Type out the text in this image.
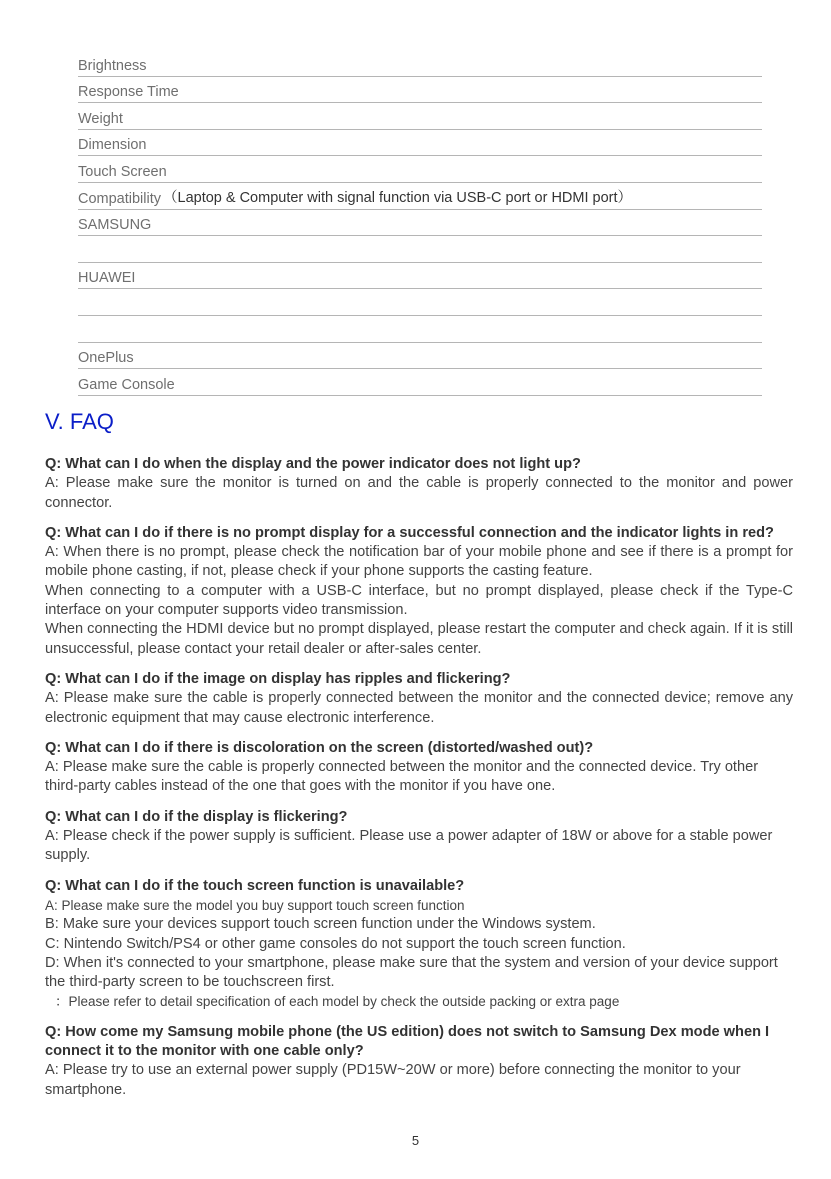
Brightness
Response Time
Weight
Dimension
Touch Screen
Compatibility （Laptop & Computer with signal function via USB-C port or HDMI port）
SAMSUNG
HUAWEI
OnePlus
Game Console
V. FAQ
Q: What can I do when the display and the power indicator does not light up?

A: Please make sure the monitor is turned on and the cable is properly connected to the monitor and power connector.

Q: What can I do if there is no prompt display for a successful connection and the indicator lights in red?

A: When there is no prompt, please check the notification bar of your mobile phone and see if there is a prompt for mobile phone casting, if not, please check if your phone supports the casting feature.

When connecting to a computer with a USB-C interface, but no prompt displayed, please check if the Type-C interface on your computer supports video transmission.

When connecting the HDMI device but no prompt displayed, please restart the computer and check again. If it is still unsuccessful, please contact your retail dealer or after-sales center.

Q: What can I do if the image on display has ripples and flickering?

A: Please make sure the cable is properly connected between the monitor and the connected device; remove any electronic equipment that may cause electronic interference.

Q: What can I do if there is discoloration on the screen (distorted/washed out)?

A: Please make sure the cable is properly connected between the monitor and the connected device. Try other third-party cables instead of the one that goes with the monitor if you have one.

Q: What can I do if the display is flickering?

A: Please check if the power supply is sufficient. Please use a power adapter of 18W or above for a stable power supply.

Q: What can I do if the touch screen function is unavailable?

A: Please make sure the model you buy support touch screen function

B: Make sure your devices support touch screen function under the Windows system.

C: Nintendo Switch/PS4 or other game consoles do not support the touch screen function.

D: When it's connected to your smartphone, please make sure that the system and version of your device support the third-party screen to be touchscreen first.

：Please refer to detail specification of each model by check the outside packing or extra page

Q: How come my Samsung mobile phone (the US edition) does not switch to Samsung Dex mode when I connect it to the monitor with one cable only?

A: Please try to use an external power supply (PD15W~20W or more) before connecting the monitor to your smartphone.

5
